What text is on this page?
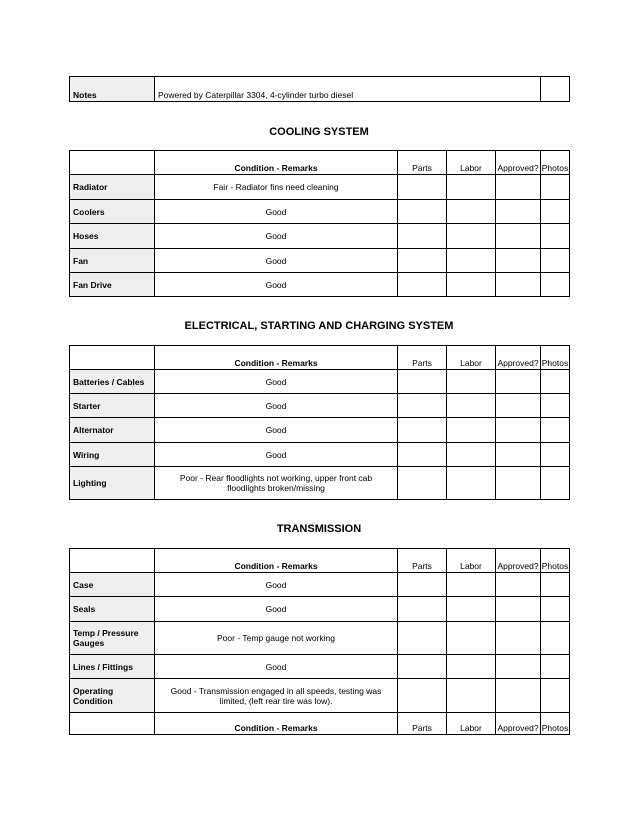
Notes	Powered by Caterpillar 3304, 4-cylinder turbo diesel	
COOLING SYSTEM
	Condition - Remarks	Parts	Labor	Approved?	Photos
Radiator	Fair - Radiator fins need cleaning				
Coolers	Good				
Hoses	Good				
Fan	Good				
Fan Drive	Good				
ELECTRICAL, STARTING AND CHARGING SYSTEM
	Condition - Remarks	Parts	Labor	Approved?	Photos
Batteries / Cables	Good				
Starter	Good				
Alternator	Good				
Wiring	Good				
Lighting	Poor - Rear floodlights not working, upper front cab floodlights broken/missing				
TRANSMISSION
	Condition - Remarks	Parts	Labor	Approved?	Photos
Case	Good				
Seals	Good				
Temp / Pressure Gauges	Poor - Temp gauge not working				
Lines / Fittings	Good				
Operating Condition	Good - Transmission engaged in all speeds, testing was limited, (left rear tire was low).				
	Condition - Remarks	Parts	Labor	Approved?	Photos
